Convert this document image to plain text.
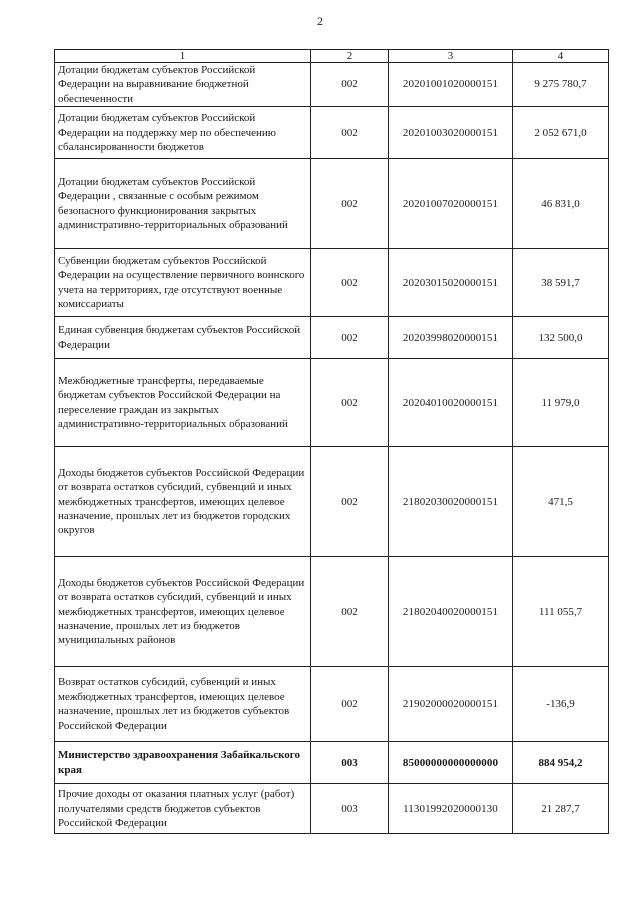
2
1	2	3	4
Дотации бюджетам субъектов Российской Федерации на выравнивание бюджетной обеспеченности	002	20201001020000151	9 275 780,7
Дотации бюджетам субъектов Российской Федерации на поддержку мер по обеспечению сбалансированности бюджетов	002	20201003020000151	2 052 671,0
Дотации бюджетам субъектов Российской Федерации , связанные с особым режимом безопасного функционирования закрытых административно-территориальных образований	002	20201007020000151	46 831,0
Субвенции бюджетам субъектов Российской Федерации на осуществление первичного воинского учета на территориях, где отсутствуют военные комиссариаты	002	20203015020000151	38 591,7
Единая субвенция бюджетам субъектов Российской Федерации	002	20203998020000151	132 500,0
Межбюджетные трансферты, передаваемые бюджетам субъектов Российской Федерации на переселение граждан из закрытых административно-территориальных образований	002	20204010020000151	11 979,0
Доходы бюджетов субъектов Российской Федерации от возврата остатков субсидий, субвенций и иных межбюджетных трансфертов, имеющих целевое назначение, прошлых лет из бюджетов городских округов	002	21802030020000151	471,5
Доходы бюджетов субъектов Российской Федерации от возврата остатков субсидий, субвенций и иных межбюджетных трансфертов, имеющих целевое назначение, прошлых лет из бюджетов муниципальных районов	002	21802040020000151	111 055,7
Возврат остатков субсидий, субвенций и иных межбюджетных трансфертов, имеющих целевое назначение, прошлых лет из бюджетов субъектов Российской Федерации	002	21902000020000151	-136,9
Министерство здравоохранения Забайкальского края	003	85000000000000000	884 954,2
Прочие доходы от оказания платных услуг (работ) получателями средств бюджетов субъектов Российской Федерации	003	11301992020000130	21 287,7
